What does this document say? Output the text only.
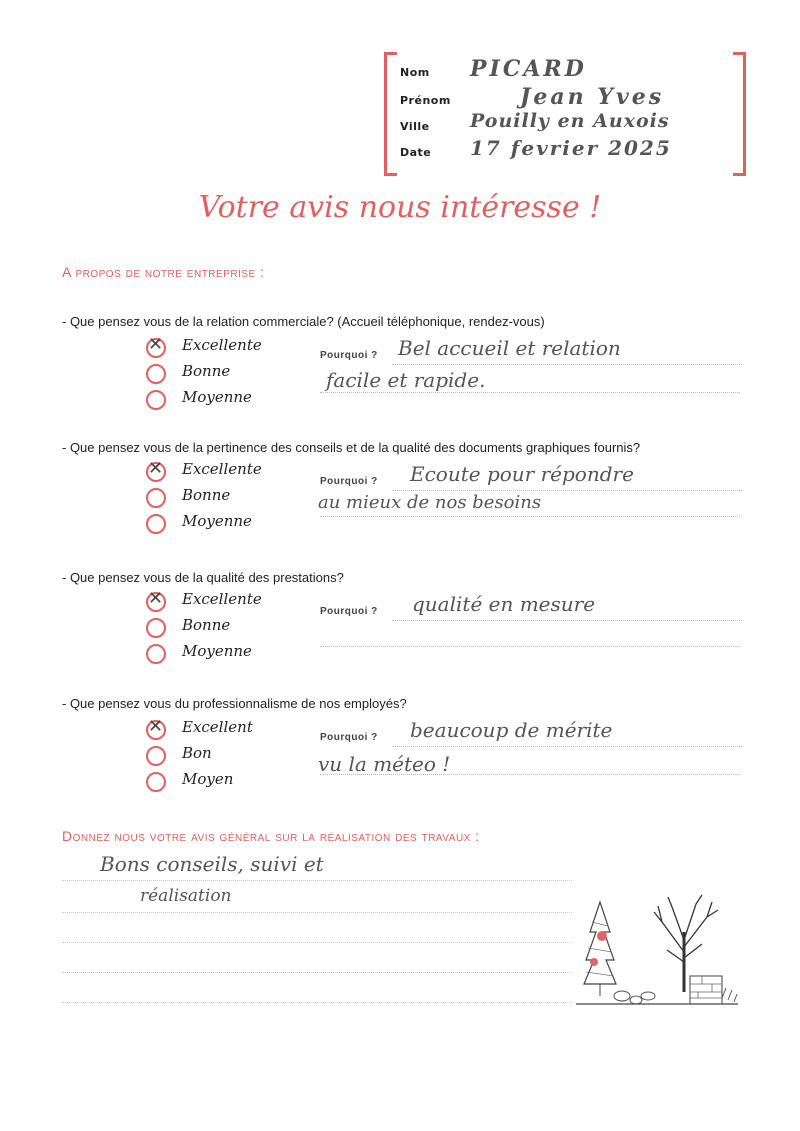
Nom PICARD
Prénom	Jean Yves
Ville Pouilly en Auxois
Date 17 fevrier 2025
Votre avis nous intéresse !
A propos de notre entreprise :
- Que pensez vous de la relation commerciale? (Accueil téléphonique, rendez-vous)
✕ Excellente
Bonne
Moyenne
Pourquoi ? Bel accueil et relation
facile et rapide.
- Que pensez vous de la pertinence des conseils et de la qualité des documents graphiques fournis?
✕ Excellente
Bonne
Moyenne
Pourquoi ? Ecoute pour répondre
au mieux de nos besoins
- Que pensez vous de la qualité des prestations?
✕ Excellente
Bonne
Moyenne
Pourquoi ? qualité en mesure
- Que pensez vous du professionnalisme de nos employés?
✕ Excellent
Bon
Moyen
Pourquoi ? beaucoup de mérite
vu la méteo !
Donnez nous votre avis général sur la réalisation des travaux :
Bons conseils, suivi et
réalisation
